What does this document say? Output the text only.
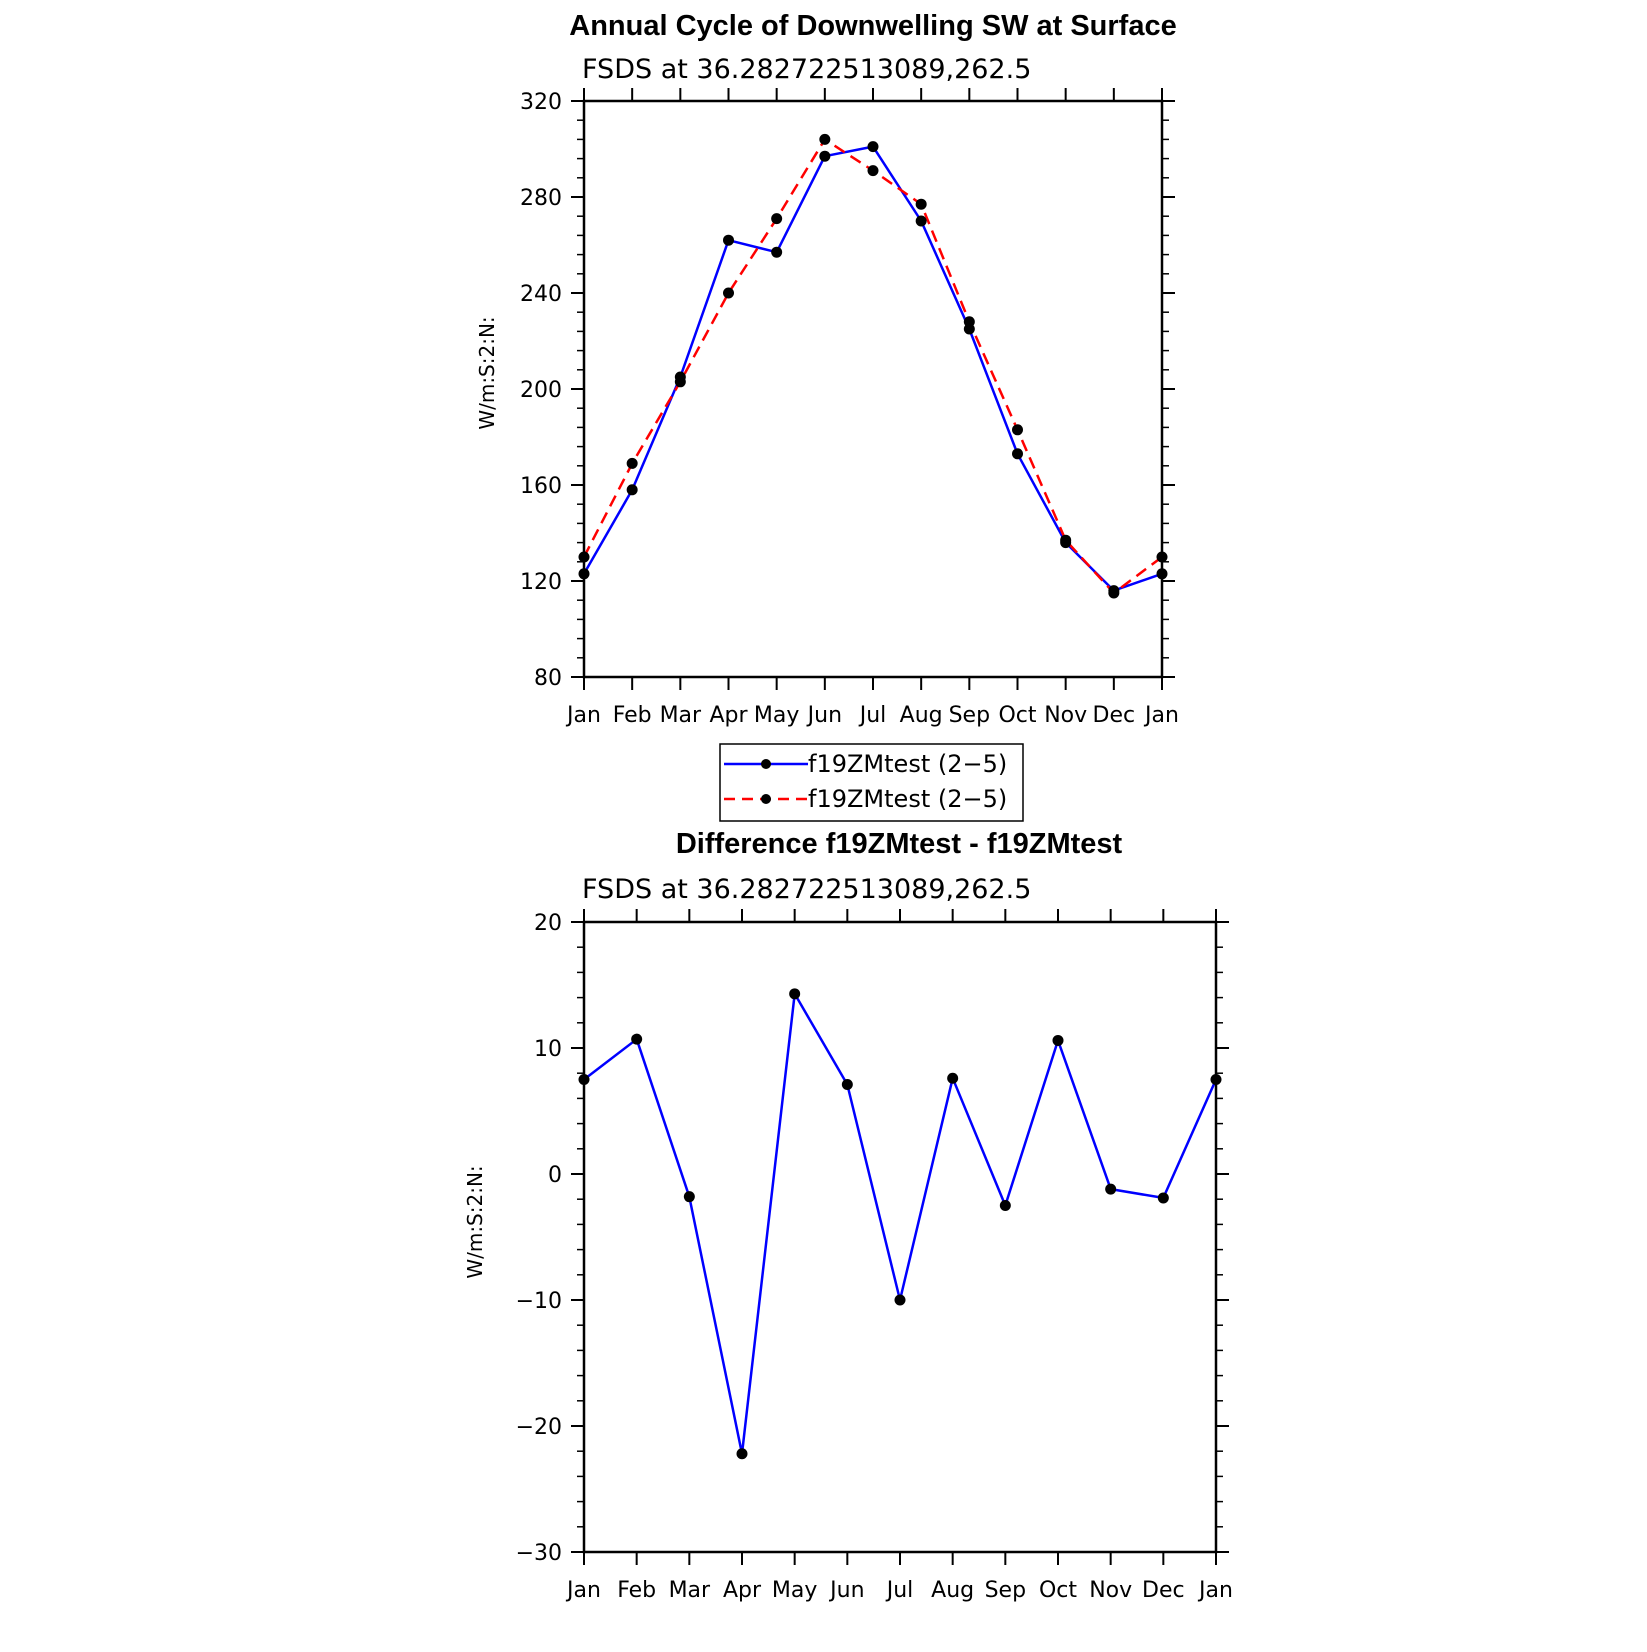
Annual Cycle of Downwelling SW at Surface
FSDS at 36.282722513089,262.5
W/m:S:2:N:
Jan Feb Mar Apr May Jun Jul Aug Sep Oct Nov Dec Jan
80
120
160
200
240
280
320
f19ZMtest (2−5)
f19ZMtest (2−5)
Difference f19ZMtest - f19ZMtest
FSDS at 36.282722513089,262.5
W/m:S:2:N:
Jan Feb Mar Apr May Jun Jul Aug Sep Oct Nov Dec Jan
−30
−20
−10
0
10
20
